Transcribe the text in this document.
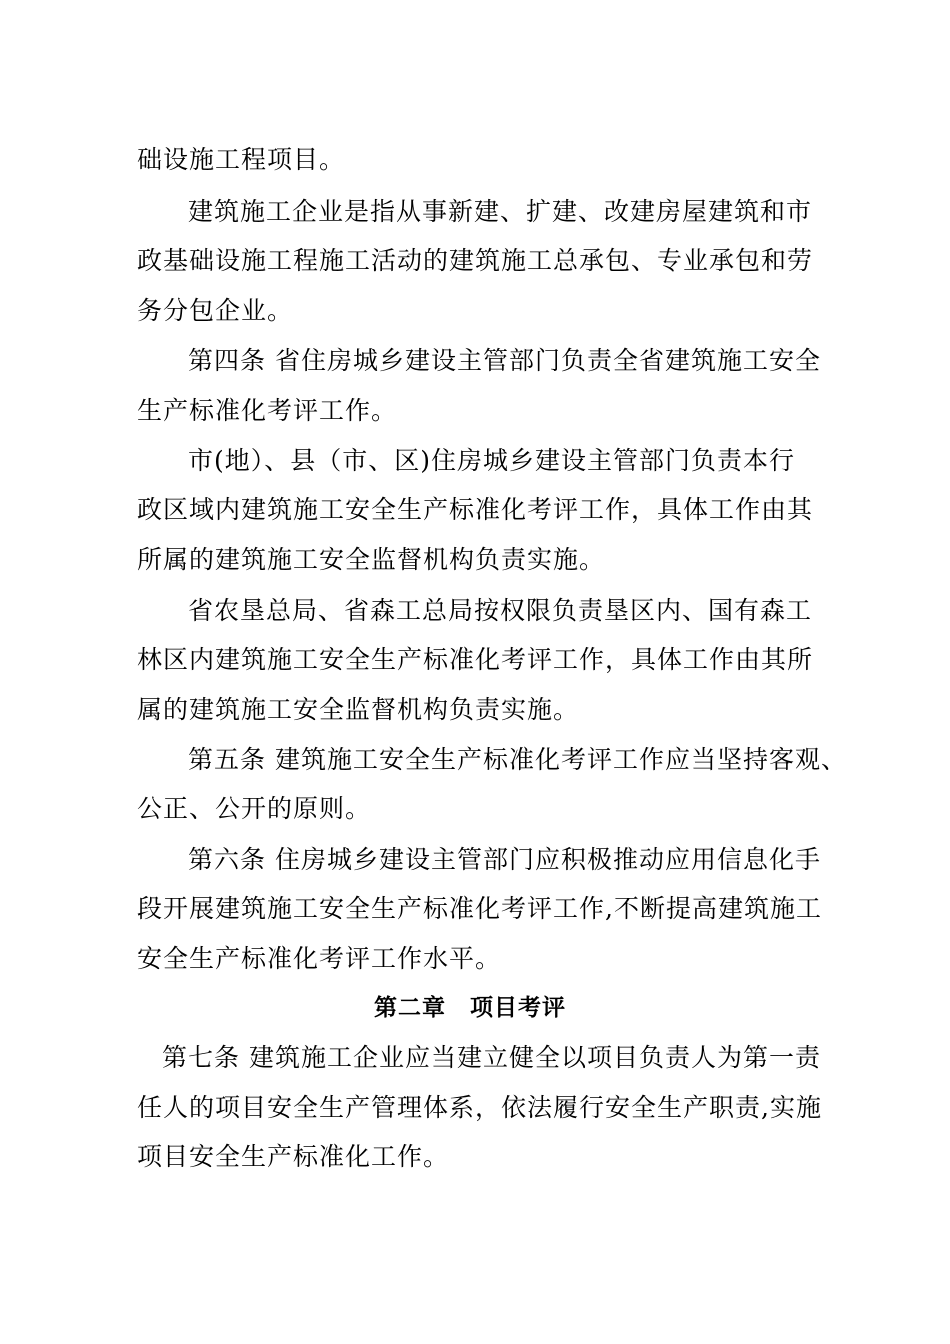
础设施工程项目。
建筑施工企业是指从事新建、扩建、改建房屋建筑和市
政基础设施工程施工活动的建筑施工总承包、专业承包和劳
务分包企业。
第四条 省住房城乡建设主管部门负责全省建筑施工安全
生产标准化考评工作。
市(地）、县（市、区)住房城乡建设主管部门负责本行
政区域内建筑施工安全生产标准化考评工作，具体工作由其
所属的建筑施工安全监督机构负责实施。
省农垦总局、省森工总局按权限负责垦区内、国有森工
林区内建筑施工安全生产标准化考评工作，具体工作由其所
属的建筑施工安全监督机构负责实施。
第五条 建筑施工安全生产标准化考评工作应当坚持客观、
公正、公开的原则。
第六条 住房城乡建设主管部门应积极推动应用信息化手
段开展建筑施工安全生产标准化考评工作,不断提高建筑施工
安全生产标准化考评工作水平。
第二章　项目考评
第七条 建筑施工企业应当建立健全以项目负责人为第一责
任人的项目安全生产管理体系，依法履行安全生产职责,实施
项目安全生产标准化工作。
